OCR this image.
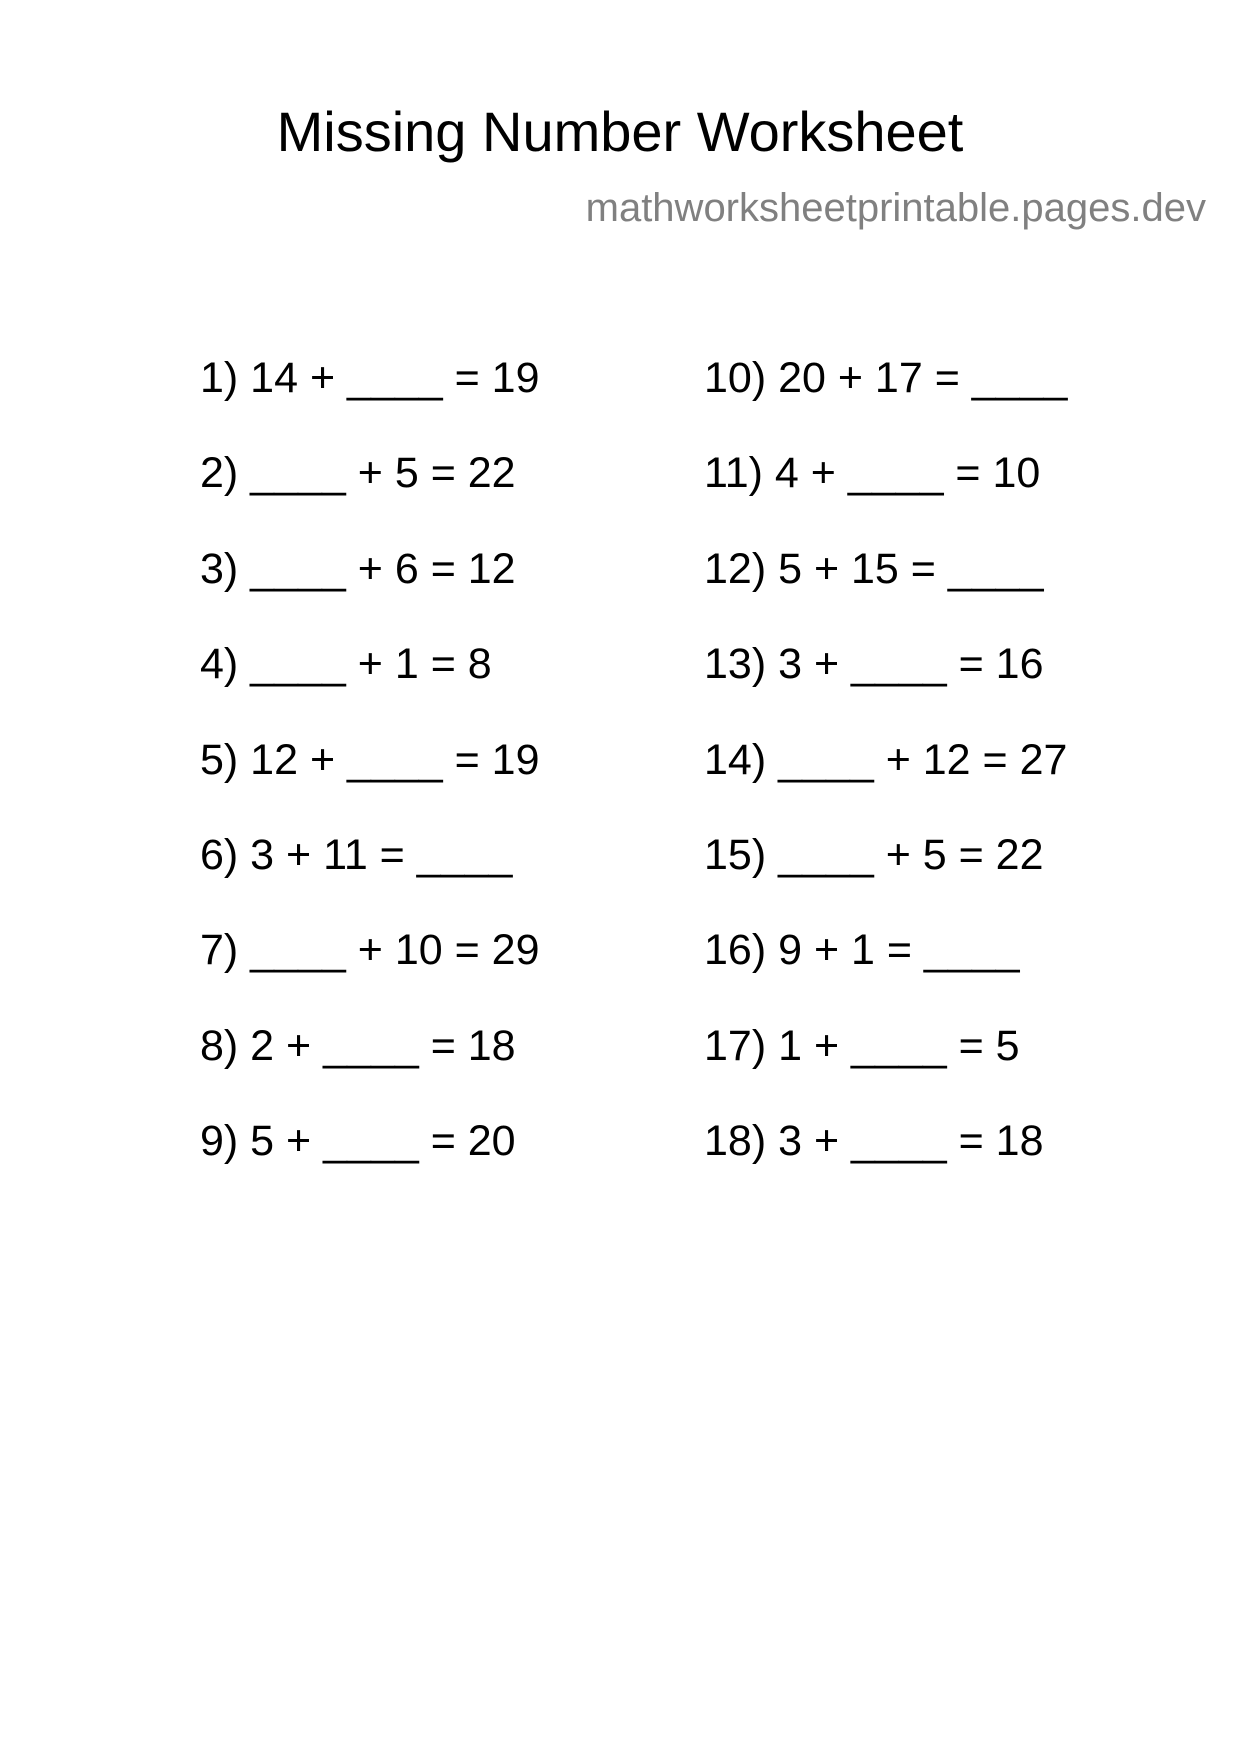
Missing Number Worksheet
mathworksheetprintable.pages.dev
1) 14 + ____ = 19
2) ____ + 5 = 22
3) ____ + 6 = 12
4) ____ + 1 = 8
5) 12 + ____ = 19
6) 3 + 11 = ____
7) ____ + 10 = 29
8) 2 + ____ = 18
9) 5 + ____ = 20
10) 20 + 17 = ____
11) 4 + ____ = 10
12) 5 + 15 = ____
13) 3 + ____ = 16
14) ____ + 12 = 27
15) ____ + 5 = 22
16) 9 + 1 = ____
17) 1 + ____ = 5
18) 3 + ____ = 18
